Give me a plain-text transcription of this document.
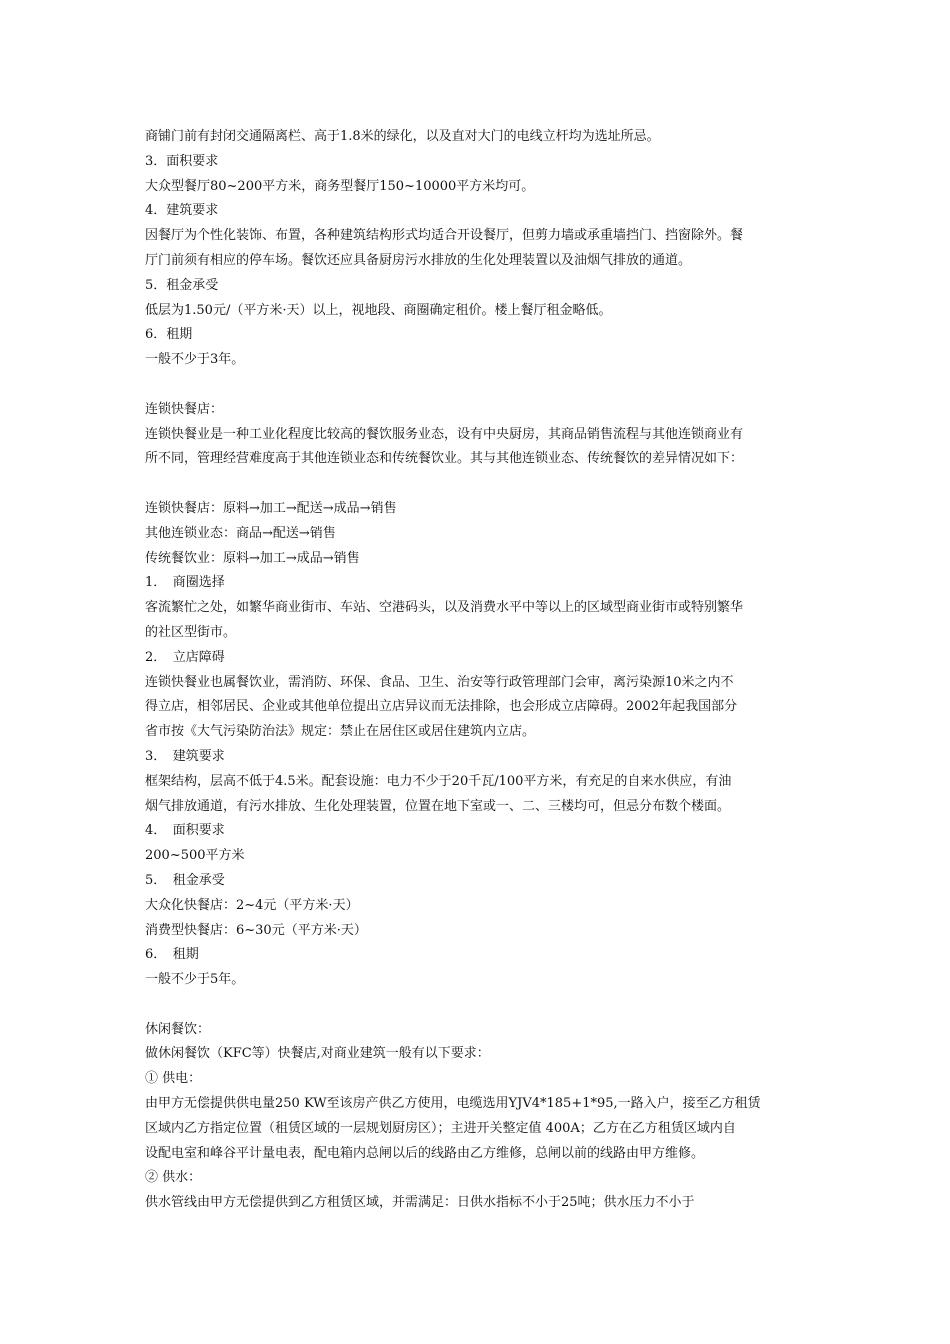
商铺门前有封闭交通隔离栏、高于1.8米的绿化，以及直对大门的电线立杆均为选址所忌。
3．面积要求
大众型餐厅80~200平方米，商务型餐厅150~10000平方米均可。
4．建筑要求
因餐厅为个性化装饰、布置，各种建筑结构形式均适合开设餐厅，但剪力墙或承重墙挡门、挡窗除外。餐
厅门前须有相应的停车场。餐饮还应具备厨房污水排放的生化处理装置以及油烟气排放的通道。
5．租金承受
低层为1.50元/（平方米·天）以上，视地段、商圈确定租价。楼上餐厅租金略低。
6．租期
一般不少于3年。
连锁快餐店：
连锁快餐业是一种工业化程度比较高的餐饮服务业态，设有中央厨房，其商品销售流程与其他连锁商业有
所不同，管理经营难度高于其他连锁业态和传统餐饮业。其与其他连锁业态、传统餐饮的差异情况如下：
连锁快餐店：原料→加工→配送→成品→销售
其他连锁业态：商品→配送→销售
传统餐饮业：原料→加工→成品→销售
1．　商圈选择
客流繁忙之处，如繁华商业街市、车站、空港码头，以及消费水平中等以上的区域型商业街市或特别繁华
的社区型街市。
2．　立店障碍
连锁快餐业也属餐饮业，需消防、环保、食品、卫生、治安等行政管理部门会审，离污染源10米之内不
得立店，相邻居民、企业或其他单位提出立店异议而无法排除，也会形成立店障碍。2002年起我国部分
省市按《大气污染防治法》规定：禁止在居住区或居住建筑内立店。
3．　建筑要求
框架结构，层高不低于4.5米。配套设施：电力不少于20千瓦/100平方米，有充足的自来水供应，有油
烟气排放通道，有污水排放、生化处理装置，位置在地下室或一、二、三楼均可，但忌分布数个楼面。
4．　面积要求
200~500平方米
5．　租金承受
大众化快餐店：2~4元（平方米·天）
消费型快餐店：6~30元（平方米·天）
6．　租期
一般不少于5年。
休闲餐饮：
做休闲餐饮（KFC等）快餐店,对商业建筑一般有以下要求：
① 供电：
由甲方无偿提供供电量250 KW至该房产供乙方使用，电缆选用YJV4*185+1*95,一路入户，接至乙方租赁
区域内乙方指定位置（租赁区域的一层规划厨房区）；主进开关整定值 400A；乙方在乙方租赁区域内自
设配电室和峰谷平计量电表，配电箱内总闸以后的线路由乙方维修，总闸以前的线路由甲方维修。
② 供水：
供水管线由甲方无偿提供到乙方租赁区域，并需满足：日供水指标不小于25吨；供水压力不小于
